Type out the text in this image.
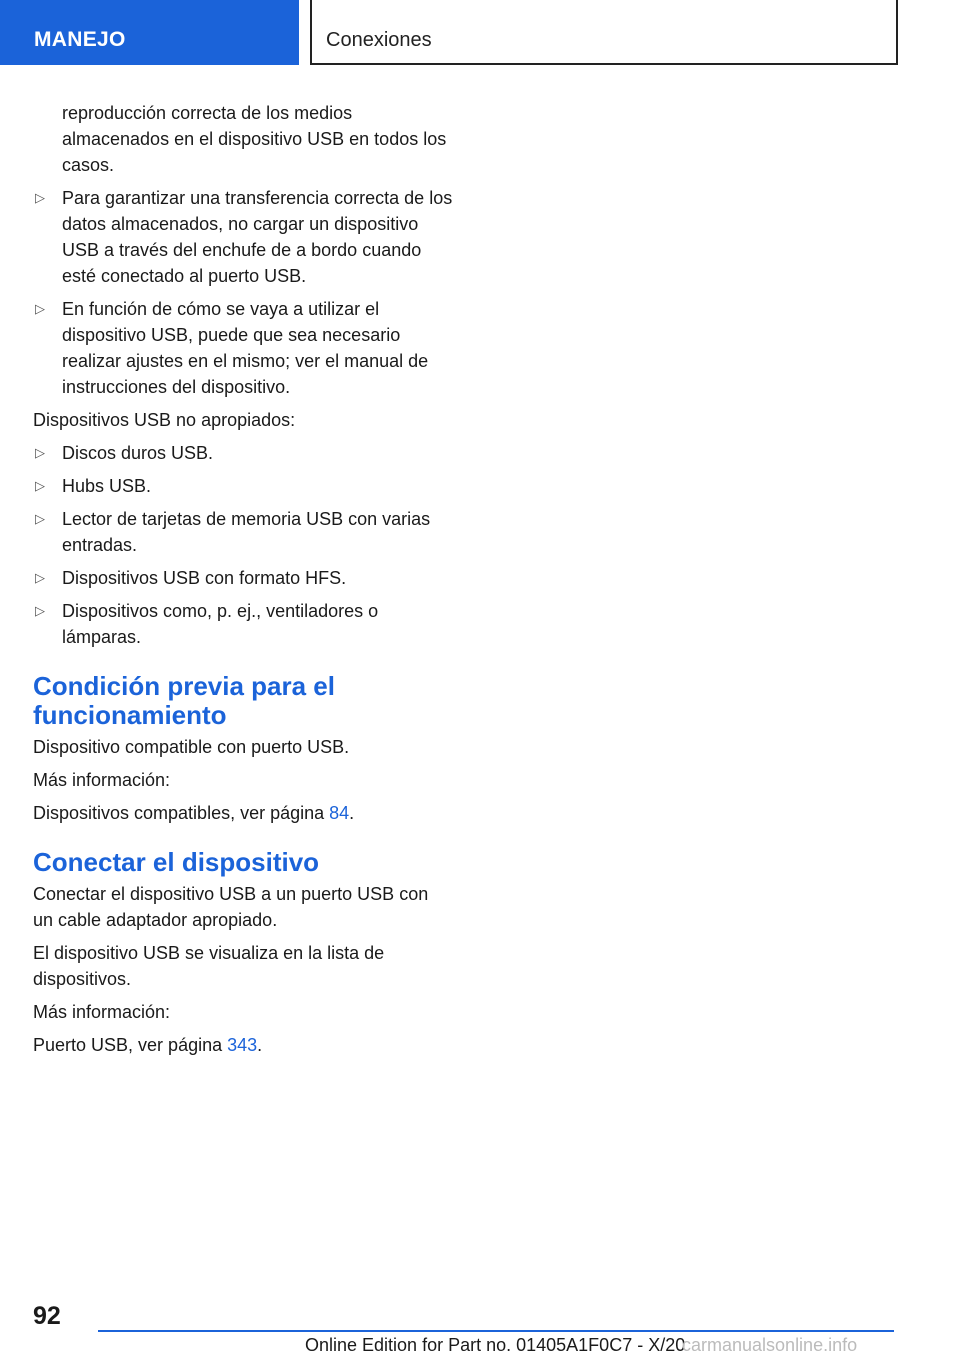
MANEJO	Conexiones

reproducción correcta de los medios almacenados en el dispositivo USB en todos los casos.

▷ Para garantizar una transferencia correcta de los datos almacenados, no cargar un dispositivo USB a través del enchufe de a bordo cuando esté conectado al puerto USB.
▷ En función de cómo se vaya a utilizar el dispositivo USB, puede que sea necesario realizar ajustes en el mismo; ver el manual de instrucciones del dispositivo.

Dispositivos USB no apropiados:

▷ Discos duros USB.
▷ Hubs USB.
▷ Lector de tarjetas de memoria USB con varias entradas.
▷ Dispositivos USB con formato HFS.
▷ Dispositivos como, p. ej., ventiladores o lámparas.
Condición previa para el funcionamiento

Dispositivo compatible con puerto USB.

Más información:

Dispositivos compatibles, ver página 84.

Conectar el dispositivo

Conectar el dispositivo USB a un puerto USB con un cable adaptador apropiado.

El dispositivo USB se visualiza en la lista de dispositivos.

Más información:

Puerto USB, ver página 343.

92
Online Edition for Part no. 01405A1F0C7 - X/20
carmanualsonline.info
